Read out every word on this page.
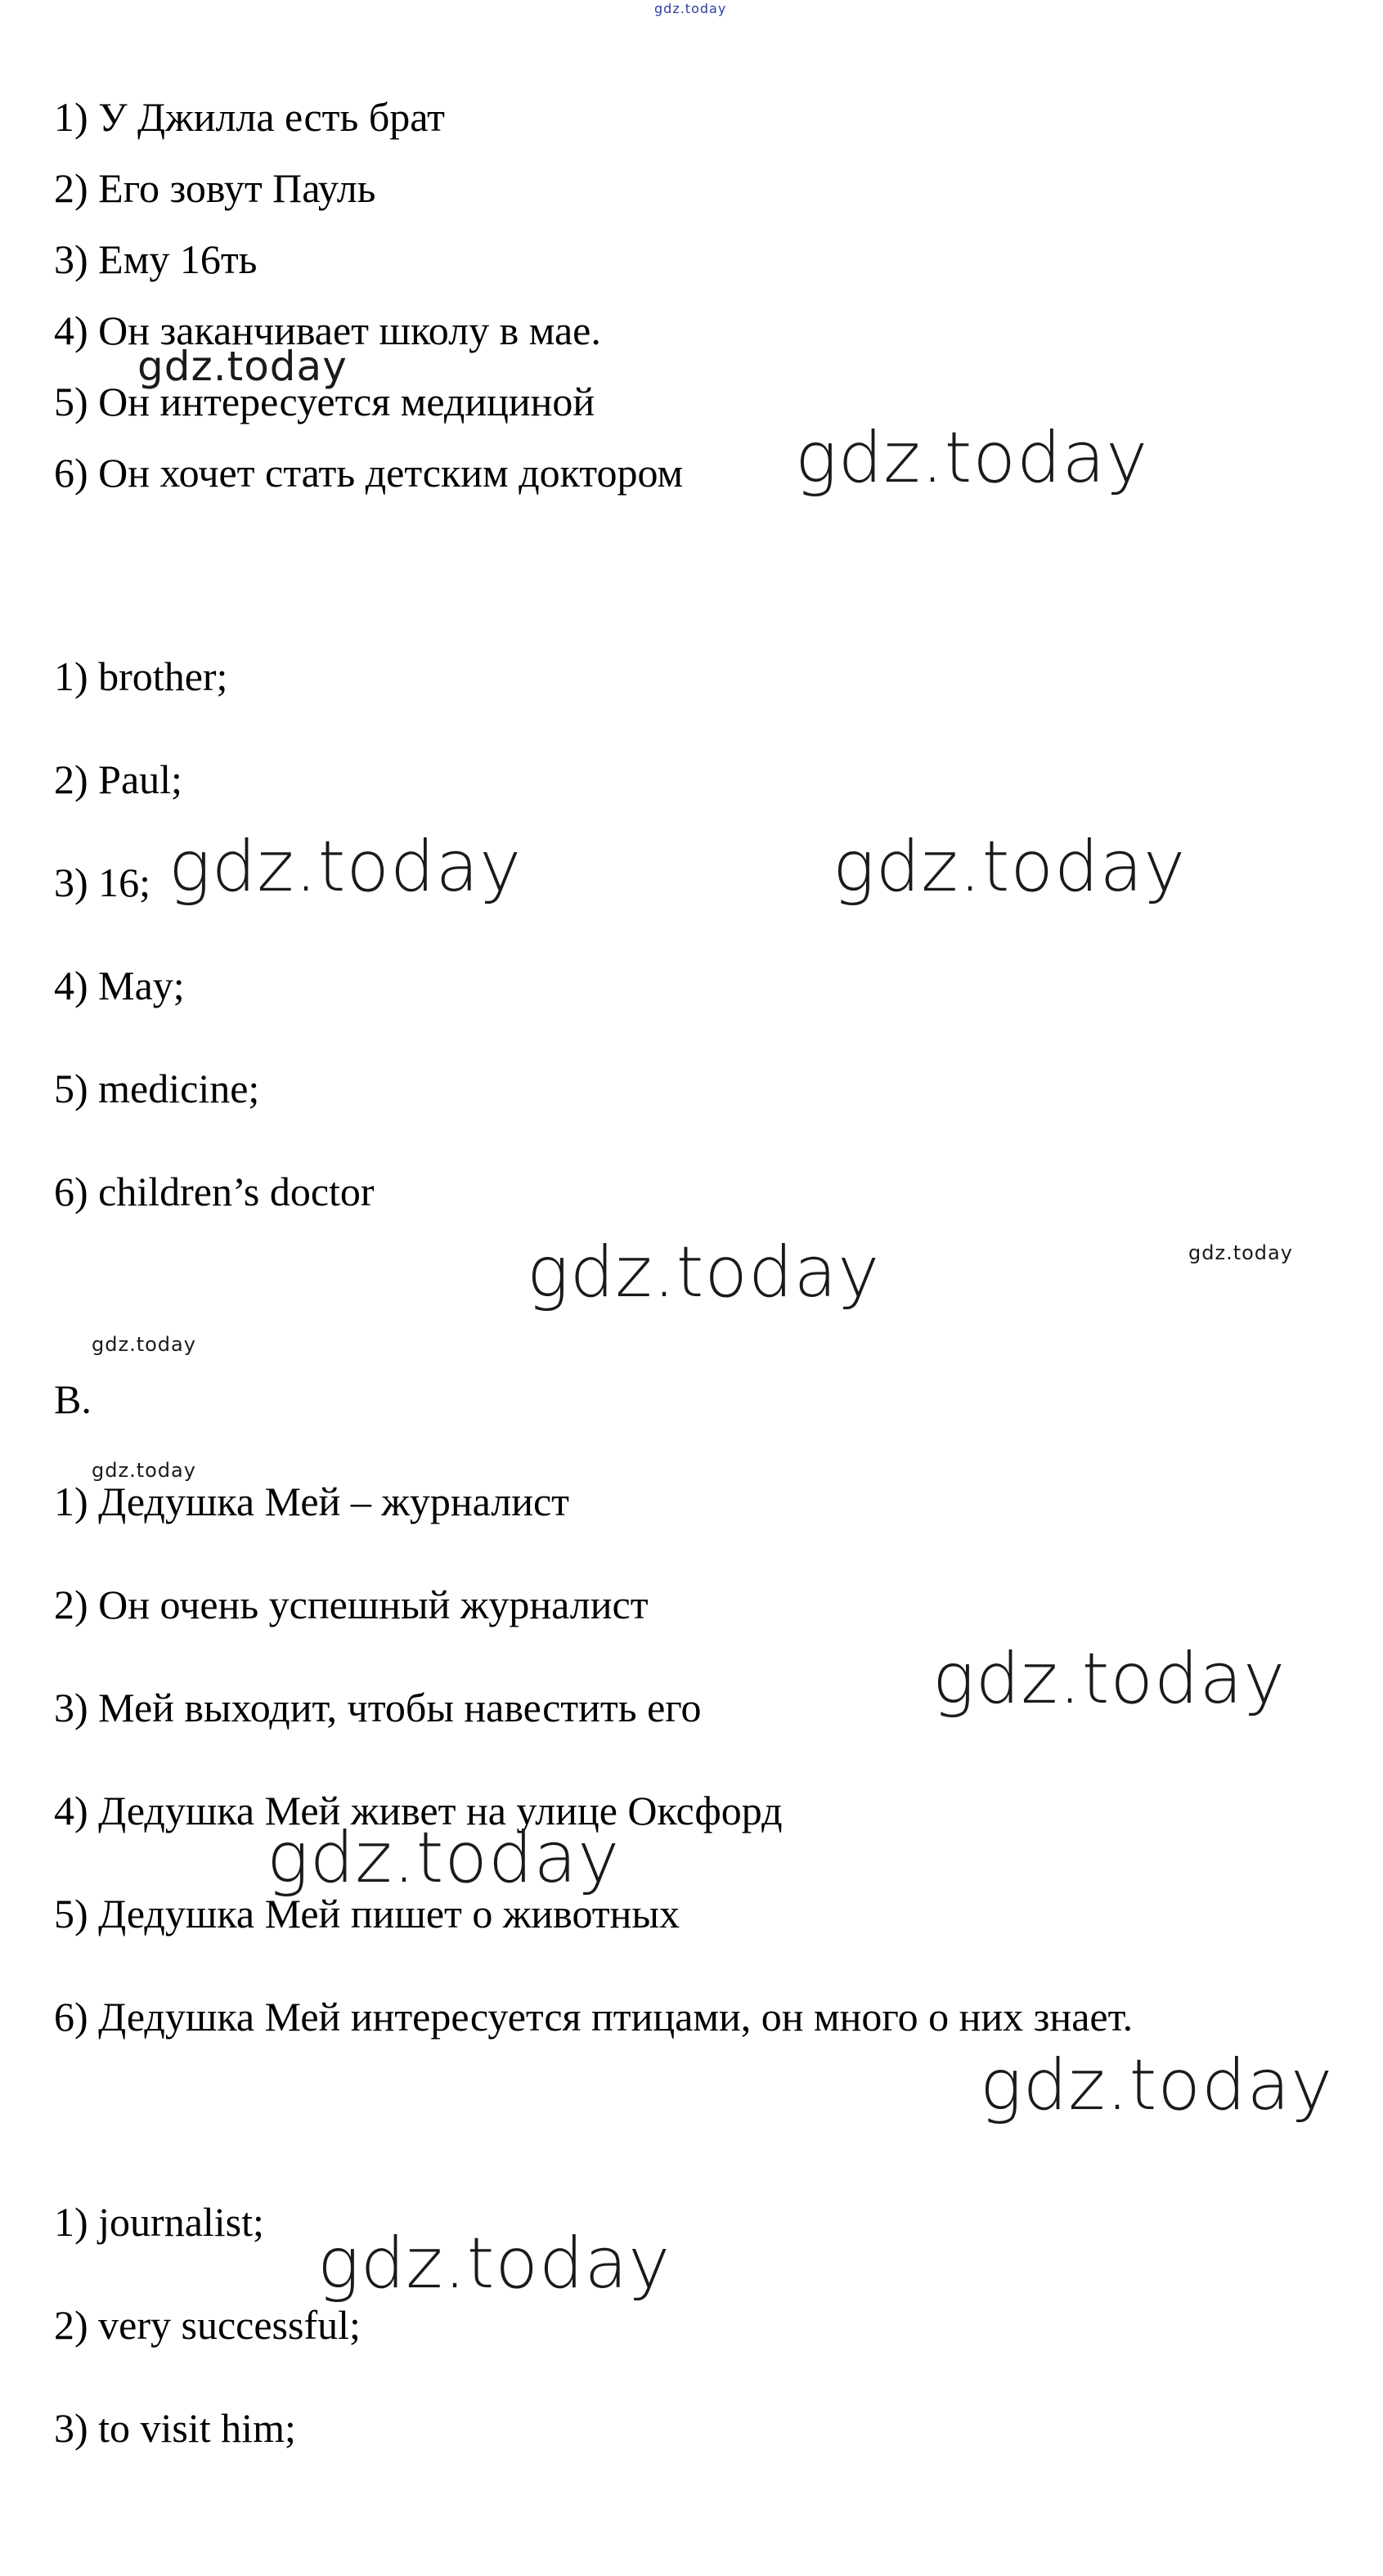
1) У Джилла есть брат
2) Его зовут Пауль
3) Ему 16ть
4) Он заканчивает школу в мае.
5) Он интересуется медициной
6) Он хочет стать детским доктором
1) brother;
2) Paul;
3) 16;
4) May;
5) medicine;
6) children’s doctor
B.
1) Дедушка Мей – журналист
2) Он очень успешный журналист
3) Мей выходит, чтобы навестить его
4) Дедушка Мей живет на улице Оксфорд
5) Дедушка Мей пишет о животных
6) Дедушка Мей интересуется птицами, он много о них знает.
1) journalist;
2) very successful;
3) to visit him;
gdz.today
gdz.today
gdz.today
gdz.today	gdz.today
gdz.today	gdz.today
gdz.today
gdz.today
gdz.today
gdz.today
gdz.today
gdz.today
